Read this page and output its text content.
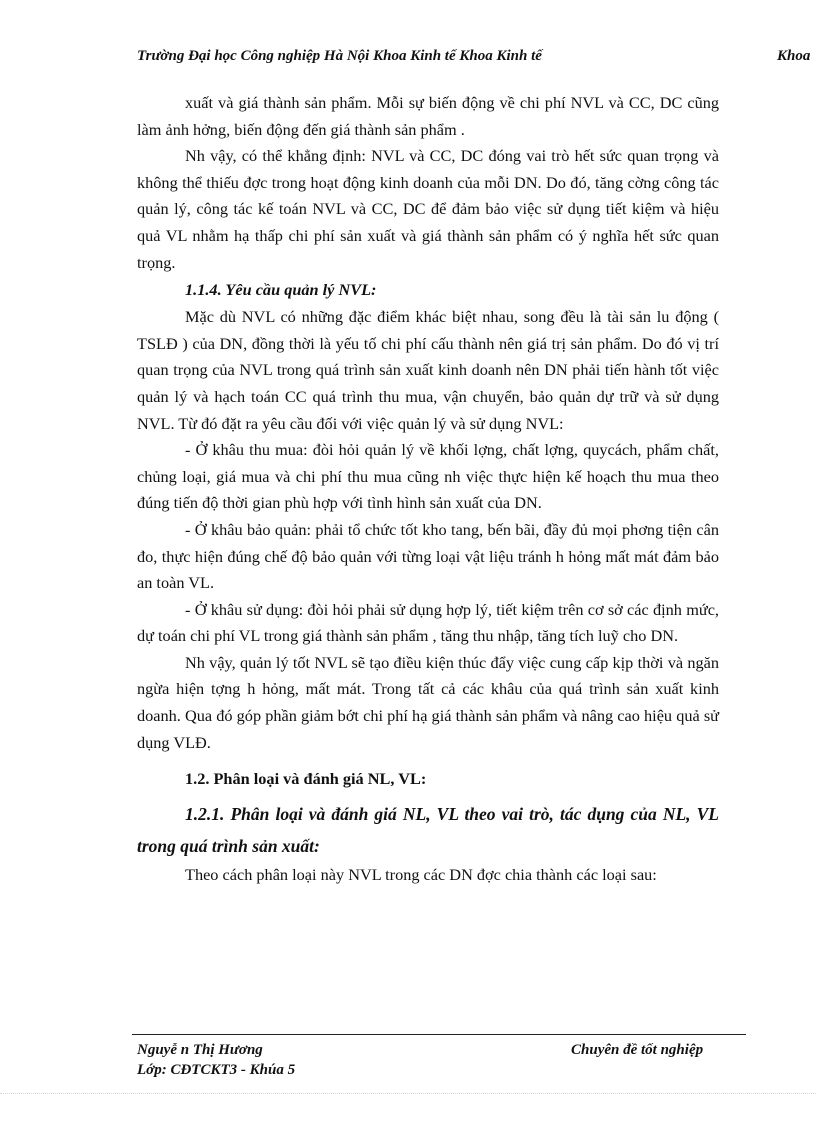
Trường Đại học Công nghiệp Hà Nội Khoa Kinh tế Khoa Kinh tế	Khoa

xuất và giá thành sản phẩm. Mỗi sự biến động về chi phí NVL và CC, DC cũng làm ảnh hởng, biến động đến giá thành sản phẩm .

Nh vậy, có thể khẳng định: NVL và CC, DC đóng vai trò hết sức quan trọng và không thể thiếu đợc trong hoạt động kinh doanh của mỗi DN. Do đó, tăng cờng công tác quản lý, công tác kế toán NVL và CC, DC để đảm bảo việc sử dụng tiết kiệm và hiệu quả VL nhằm hạ thấp chi phí sản xuất và giá thành sản phẩm có ý nghĩa hết sức quan trọng.

1.1.4. Yêu cầu quản lý NVL:

Mặc dù NVL có những đặc điểm khác biệt nhau, song đều là tài sản lu động ( TSLĐ ) của DN, đồng thời là yếu tố chi phí cấu thành nên giá trị sản phẩm. Do đó vị trí quan trọng của NVL trong quá trình sản xuất kinh doanh nên DN phải tiến hành tốt việc quản lý và hạch toán CC quá trình thu mua, vận chuyển, bảo quản dự trữ và sử dụng NVL. Từ đó đặt ra yêu cầu đối với việc quản lý và sử dụng NVL:

- Ở khâu thu mua: đòi hỏi quản lý về khối lợng, chất lợng, quycách, phẩm chất, chủng loại, giá mua và chi phí thu mua cũng nh việc thực hiện kế hoạch thu mua theo đúng tiến độ thời gian phù hợp với tình hình sản xuất của DN.

- Ở khâu bảo quản: phải tổ chức tốt kho tang, bến bãi, đầy đủ mọi phơng tiện cân đo, thực hiện đúng chế độ bảo quản với từng loại vật liệu tránh h hỏng mất mát đảm bảo an toàn VL.

- Ở khâu sử dụng: đòi hỏi phải sử dụng hợp lý, tiết kiệm trên cơ sở các định mức, dự toán chi phí VL trong giá thành sản phẩm , tăng thu nhập, tăng tích luỹ cho DN.

Nh vậy, quản lý tốt NVL sẽ tạo điều kiện thúc đẩy việc cung cấp kịp thời và ngăn ngừa hiện tợng h hỏng, mất mát. Trong tất cả các khâu của quá trình sản xuất kinh doanh. Qua đó góp phần giảm bớt chi phí hạ giá thành sản phẩm và nâng cao hiệu quả sử dụng VLĐ.

1.2. Phân loại và đánh giá NL, VL:
1.2.1. Phân loại và đánh giá NL, VL theo vai trò, tác dụng của NL, VL trong quá trình sản xuất:

Theo cách phân loại này NVL trong các DN đợc chia thành các loại sau:

Nguyễ n Thị Hương
Lớp: CĐTCKT3 - Khúa 5
Chuyên đề tốt nghiệp
